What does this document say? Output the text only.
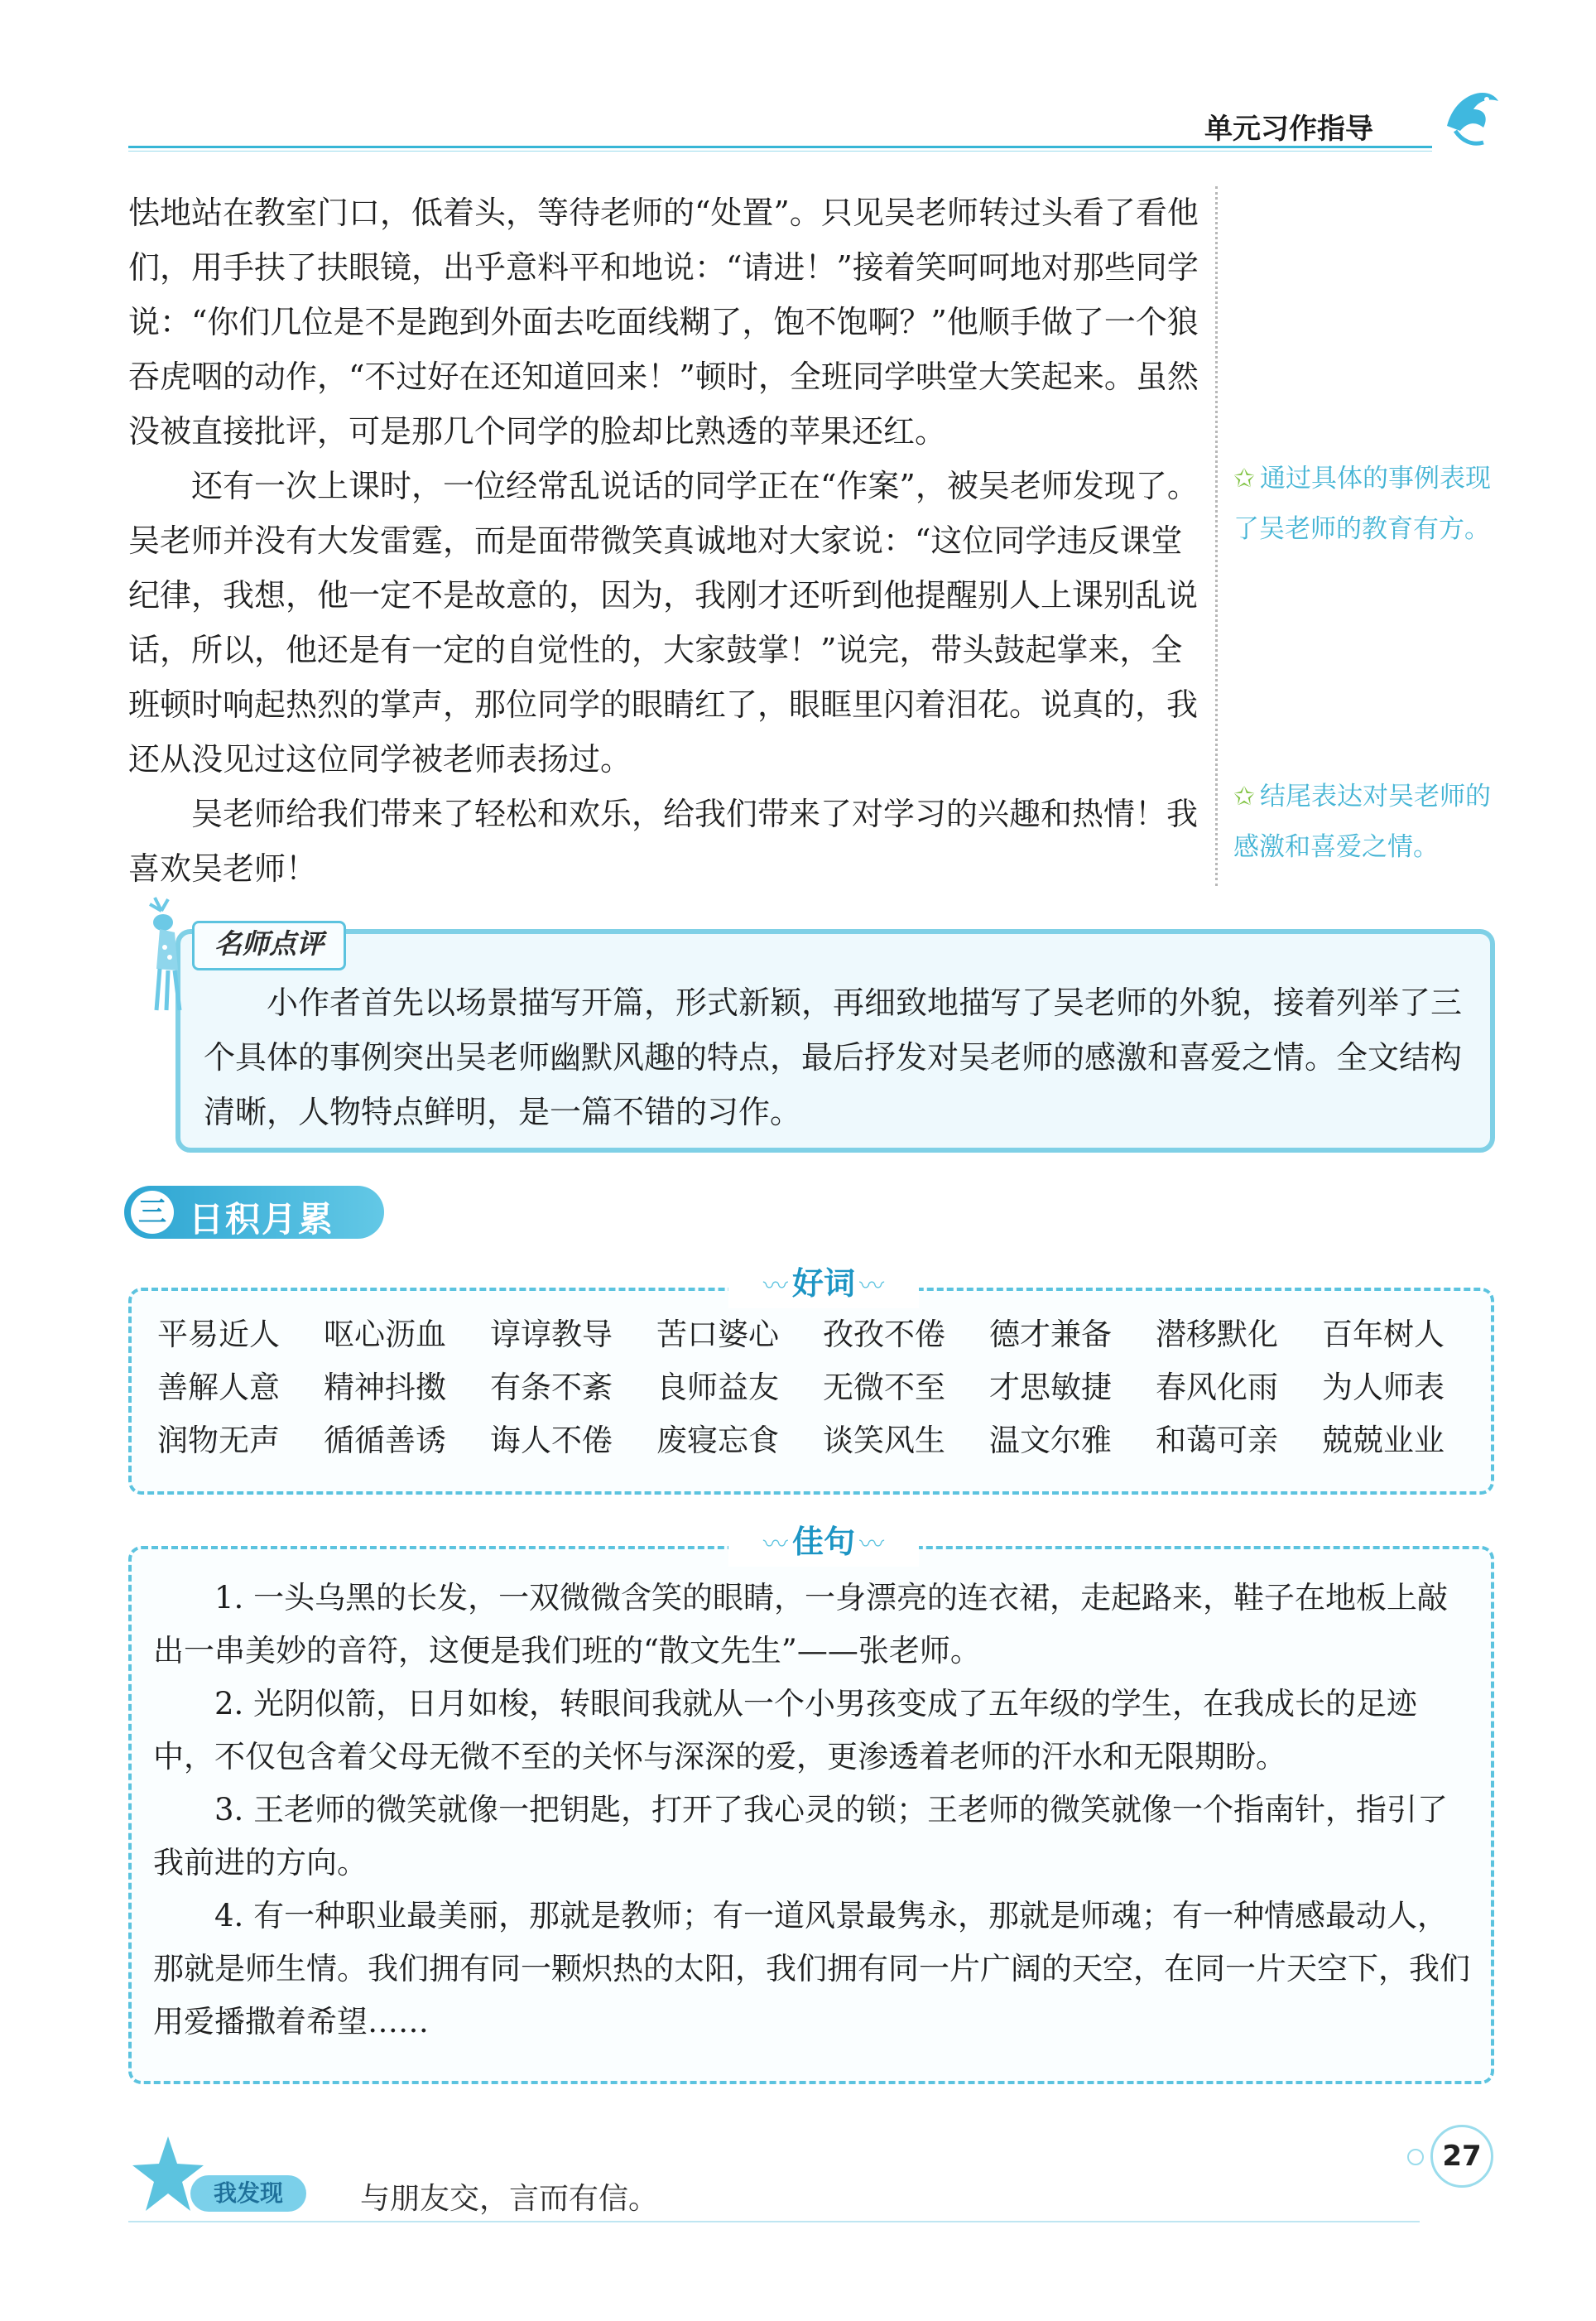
单元习作指导

怯地站在教室门口，低着头，等待老师的“处置”。只见吴老师转过头看了看他们，用手扶了扶眼镜，出乎意料平和地说：“请进！”接着笑呵呵地对那些同学说：“你们几位是不是跑到外面去吃面线糊了，饱不饱啊？”他顺手做了一个狼吞虎咽的动作，“不过好在还知道回来！”顿时，全班同学哄堂大笑起来。虽然没被直接批评，可是那几个同学的脸却比熟透的苹果还红。

还有一次上课时，一位经常乱说话的同学正在“作案”，被吴老师发现了。吴老师并没有大发雷霆，而是面带微笑真诚地对大家说：“这位同学违反课堂纪律，我想，他一定不是故意的，因为，我刚才还听到他提醒别人上课别乱说话，所以，他还是有一定的自觉性的，大家鼓掌！”说完，带头鼓起掌来，全班顿时响起热烈的掌声，那位同学的眼睛红了，眼眶里闪着泪花。说真的，我还从没见过这位同学被老师表扬过。

吴老师给我们带来了轻松和欢乐，给我们带来了对学习的兴趣和热情！我喜欢吴老师！

✩ 通过具体的事例表现了吴老师的教育有方。
✩ 结尾表达对吴老师的感激和喜爱之情。
名师点评

小作者首先以场景描写开篇，形式新颖，再细致地描写了吴老师的外貌，接着列举了三个具体的事例突出吴老师幽默风趣的特点，最后抒发对吴老师的感激和喜爱之情。全文结构清晰，人物特点鲜明，是一篇不错的习作。

三 日积月累
〰 好词 〰
平易近人	呕心沥血	谆谆教导	苦口婆心	孜孜不倦	德才兼备	潜移默化	百年树人
善解人意	精神抖擞	有条不紊	良师益友	无微不至	才思敏捷	春风化雨	为人师表
润物无声	循循善诱	诲人不倦	废寝忘食	谈笑风生	温文尔雅	和蔼可亲	兢兢业业
〰 佳句 〰

1. 一头乌黑的长发，一双微微含笑的眼睛，一身漂亮的连衣裙，走起路来，鞋子在地板上敲出一串美妙的音符，这便是我们班的“散文先生”——张老师。

2. 光阴似箭，日月如梭，转眼间我就从一个小男孩变成了五年级的学生，在我成长的足迹中，不仅包含着父母无微不至的关怀与深深的爱，更渗透着老师的汗水和无限期盼。

3. 王老师的微笑就像一把钥匙，打开了我心灵的锁；王老师的微笑就像一个指南针，指引了我前进的方向。

4. 有一种职业最美丽，那就是教师；有一道风景最隽永，那就是师魂；有一种情感最动人，那就是师生情。我们拥有同一颗炽热的太阳，我们拥有同一片广阔的天空，在同一片天空下，我们用爱播撒着希望……

我发现	与朋友交，言而有信。
27
